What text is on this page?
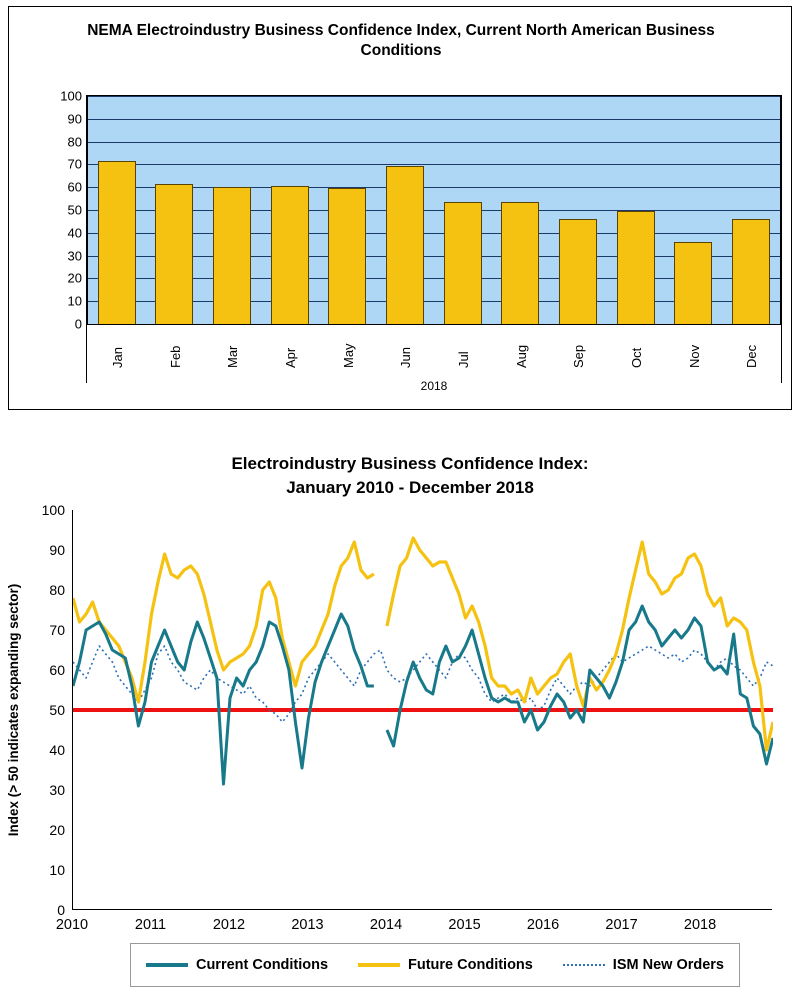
NEMA Electroindustry Business Confidence Index, Current North American Business Conditions
0
10
20
30
40
50
60
70
80
90
100
Jan	Feb	Mar	Apr	May	Jun	Jul	Aug	Sep	Oct	Nov	Dec
2018
Electroindustry Business Confidence Index:
January 2010 - December 2018
Index (> 50 indicates expanding sector)
0
10
20
30
40
50
60
70
80
90
100
2010	2011	2012	2013	2014	2015	2016	2017	2018
Current Conditions	Future Conditions	ISM New Orders
